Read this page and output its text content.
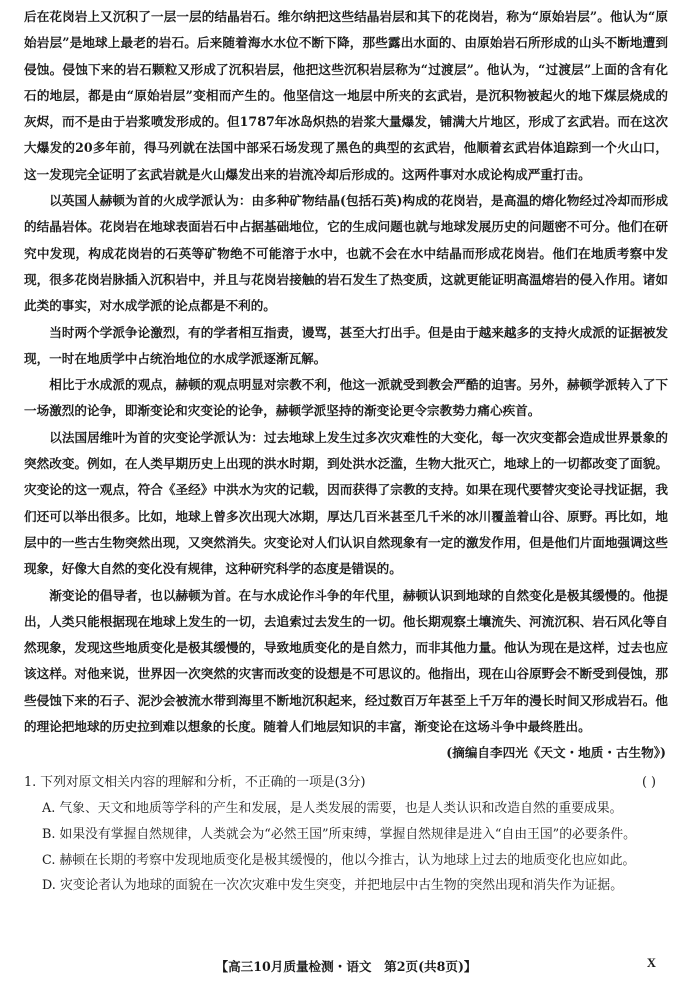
后在花岗岩上又沉积了一层一层的结晶岩石。维尔纳把这些结晶岩层和其下的花岗岩，称为“原始岩层”。他认为“原始岩层”是地球上最老的岩石。后来随着海水水位不断下降，那些露出水面的、由原始岩石所形成的山头不断地遭到侵蚀。侵蚀下来的岩石颗粒又形成了沉积岩层，他把这些沉积岩层称为“过渡层”。他认为，“过渡层”上面的含有化石的地层，都是由“原始岩层”变相而产生的。他坚信这一地层中所夹的玄武岩，是沉积物被起火的地下煤层烧成的灰烬，而不是由于岩浆喷发形成的。但1787年冰岛炽热的岩浆大量爆发，铺满大片地区，形成了玄武岩。而在这次大爆发的20多年前，得马列就在法国中部采石场发现了黑色的典型的玄武岩，他顺着玄武岩体追踪到一个火山口，这一发现完全证明了玄武岩就是火山爆发出来的岩流冷却后形成的。这两件事对水成论构成严重打击。

以英国人赫顿为首的火成学派认为：由多种矿物结晶(包括石英)构成的花岗岩，是高温的熔化物经过冷却而形成的结晶岩体。花岗岩在地球表面岩石中占据基础地位，它的生成问题也就与地球发展历史的问题密不可分。他们在研究中发现，构成花岗岩的石英等矿物绝不可能溶于水中，也就不会在水中结晶而形成花岗岩。他们在地质考察中发现，很多花岗岩脉插入沉积岩中，并且与花岗岩接触的岩石发生了热变质，这就更能证明高温熔岩的侵入作用。诸如此类的事实，对水成学派的论点都是不利的。

当时两个学派争论激烈，有的学者相互指责，谩骂，甚至大打出手。但是由于越来越多的支持火成派的证据被发现，一时在地质学中占统治地位的水成学派逐渐瓦解。

相比于水成派的观点，赫顿的观点明显对宗教不利，他这一派就受到教会严酷的迫害。另外，赫顿学派转入了下一场激烈的论争，即渐变论和灾变论的论争，赫顿学派坚持的渐变论更令宗教势力痛心疾首。

以法国居维叶为首的灾变论学派认为：过去地球上发生过多次灾难性的大变化，每一次灾变都会造成世界景象的突然改变。例如，在人类早期历史上出现的洪水时期，到处洪水泛滥，生物大批灭亡，地球上的一切都改变了面貌。灾变论的这一观点，符合《圣经》中洪水为灾的记载，因而获得了宗教的支持。如果在现代要替灾变论寻找证据，我们还可以举出很多。比如，地球上曾多次出现大冰期，厚达几百米甚至几千米的冰川覆盖着山谷、原野。再比如，地层中的一些古生物突然出现，又突然消失。灾变论对人们认识自然现象有一定的激发作用，但是他们片面地强调这些现象，好像大自然的变化没有规律，这种研究科学的态度是错误的。

渐变论的倡导者，也以赫顿为首。在与水成论作斗争的年代里，赫顿认识到地球的自然变化是极其缓慢的。他提出，人类只能根据现在地球上发生的一切，去追索过去发生的一切。他长期观察土壤流失、河流沉积、岩石风化等自然现象，发现这些地质变化是极其缓慢的，导致地质变化的是自然力，而非其他力量。他认为现在是这样，过去也应该这样。对他来说，世界因一次突然的灾害而改变的设想是不可思议的。他指出，现在山谷原野会不断受到侵蚀，那些侵蚀下来的石子、泥沙会被流水带到海里不断地沉积起来，经过数百万年甚至上千万年的漫长时间又形成岩石。他的理论把地球的历史拉到难以想象的长度。随着人们地层知识的丰富，渐变论在这场斗争中最终胜出。

(摘编自李四光《天文・地质・古生物》)

1. 下列对原文相关内容的理解和分析，不正确的一项是(3分)	( )

A. 气象、天文和地质等学科的产生和发展，是人类发展的需要，也是人类认识和改造自然的重要成果。

B. 如果没有掌握自然规律，人类就会为“必然王国”所束缚，掌握自然规律是进入“自由王国”的必要条件。

C. 赫顿在长期的考察中发现地质变化是极其缓慢的，他以今推古，认为地球上过去的地质变化也应如此。

D. 灾变论者认为地球的面貌在一次次灾难中发生突变，并把地层中古生物的突然出现和消失作为证据。

【高三10月质量检测・语文　第2页(共8页)】	X
